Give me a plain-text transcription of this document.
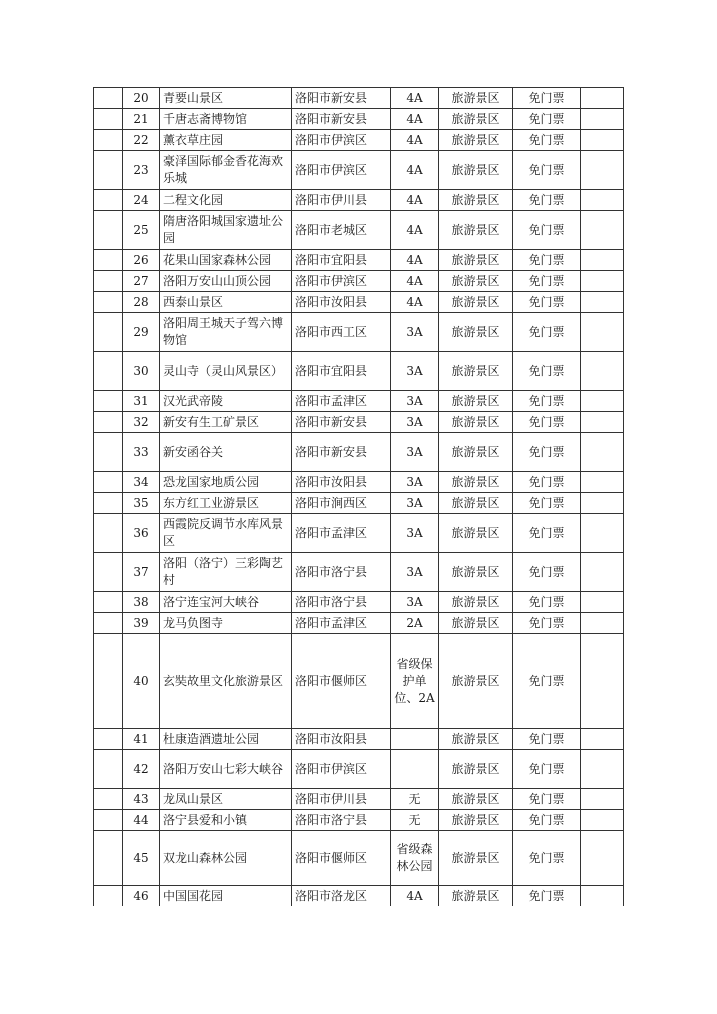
	20	青要山景区	洛阳市新安县	4A	旅游景区	免门票	
	21	千唐志斋博物馆	洛阳市新安县	4A	旅游景区	免门票	
	22	薰衣草庄园	洛阳市伊滨区	4A	旅游景区	免门票	
	23	豪泽国际郁金香花海欢乐城	洛阳市伊滨区	4A	旅游景区	免门票	
	24	二程文化园	洛阳市伊川县	4A	旅游景区	免门票	
	25	隋唐洛阳城国家遗址公园	洛阳市老城区	4A	旅游景区	免门票	
	26	花果山国家森林公园	洛阳市宜阳县	4A	旅游景区	免门票	
	27	洛阳万安山山顶公园	洛阳市伊滨区	4A	旅游景区	免门票	
	28	西泰山景区	洛阳市汝阳县	4A	旅游景区	免门票	
	29	洛阳周王城天子驾六博物馆	洛阳市西工区	3A	旅游景区	免门票	
	30	灵山寺（灵山风景区）	洛阳市宜阳县	3A	旅游景区	免门票	
	31	汉光武帝陵	洛阳市孟津区	3A	旅游景区	免门票	
	32	新安有生工矿景区	洛阳市新安县	3A	旅游景区	免门票	
	33	新安函谷关	洛阳市新安县	3A	旅游景区	免门票	
	34	恐龙国家地质公园	洛阳市汝阳县	3A	旅游景区	免门票	
	35	东方红工业游景区	洛阳市涧西区	3A	旅游景区	免门票	
	36	西霞院反调节水库风景区	洛阳市孟津区	3A	旅游景区	免门票	
	37	洛阳（洛宁）三彩陶艺村	洛阳市洛宁县	3A	旅游景区	免门票	
	38	洛宁连宝河大峡谷	洛阳市洛宁县	3A	旅游景区	免门票	
	39	龙马负图寺	洛阳市孟津区	2A	旅游景区	免门票	
	40	玄奘故里文化旅游景区	洛阳市偃师区	省级保护单位、2A	旅游景区	免门票	
	41	杜康造酒遗址公园	洛阳市汝阳县		旅游景区	免门票	
	42	洛阳万安山七彩大峡谷	洛阳市伊滨区		旅游景区	免门票	
	43	龙凤山景区	洛阳市伊川县	无	旅游景区	免门票	
	44	洛宁县爱和小镇	洛阳市洛宁县	无	旅游景区	免门票	
	45	双龙山森林公园	洛阳市偃师区	省级森林公园	旅游景区	免门票	
	46	中国国花园	洛阳市洛龙区	4A	旅游景区	免门票	
